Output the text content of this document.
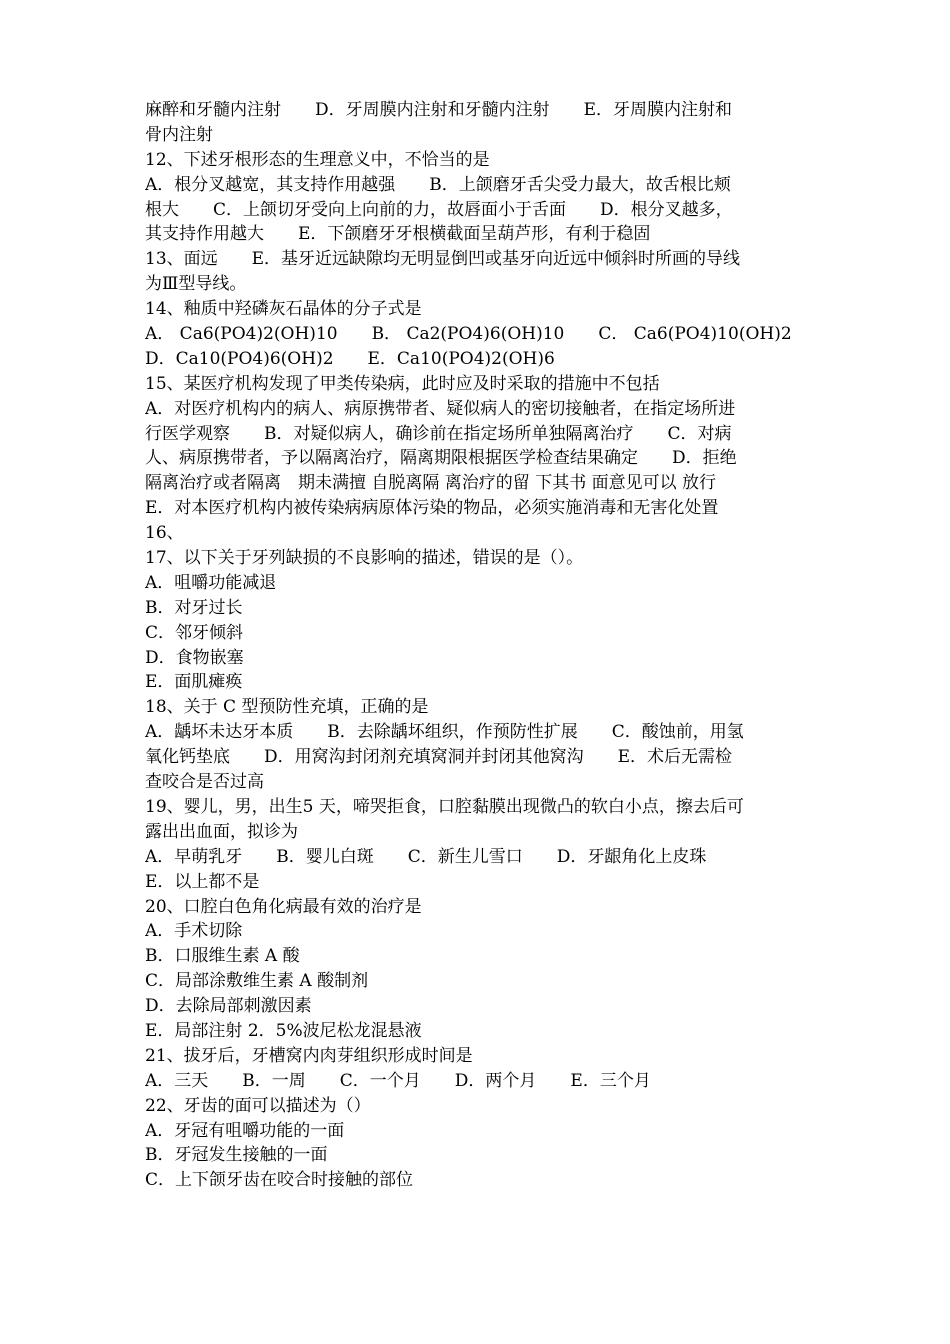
麻醉和牙髓内注射　　D．牙周膜内注射和牙髓内注射　　E．牙周膜内注射和
骨内注射
12、下述牙根形态的生理意义中，不恰当的是
A．根分叉越宽，其支持作用越强　　B．上颌磨牙舌尖受力最大，故舌根比颊
根大　　C．上颌切牙受向上向前的力，故唇面小于舌面　　D．根分叉越多，
其支持作用越大　　E．下颌磨牙牙根横截面呈葫芦形，有利于稳固
13、面远　　E．基牙近远缺隙均无明显倒凹或基牙向近远中倾斜时所画的导线
为Ⅲ型导线。
14、釉质中羟磷灰石晶体的分子式是
A． Ca6(PO4)2(OH)10　　B． Ca2(PO4)6(OH)10　　C． Ca6(PO4)10(OH)2
D．Ca10(PO4)6(OH)2　　E．Ca10(PO4)2(OH)6
15、某医疗机构发现了甲类传染病，此时应及时采取的措施中不包括
A．对医疗机构内的病人、病原携带者、疑似病人的密切接触者，在指定场所进
行医学观察　　B．对疑似病人，确诊前在指定场所单独隔离治疗　　C．对病
人、病原携带者，予以隔离治疗，隔离期限根据医学检查结果确定　　D．拒绝
隔离治疗或者隔离　期未满擅 自脱离隔 离治疗的留 下其书 面意见可以 放行
E．对本医疗机构内被传染病病原体污染的物品，必须实施消毒和无害化处置
16、
17、以下关于牙列缺损的不良影响的描述，错误的是（）。
A．咀嚼功能减退
B．对牙过长
C．邻牙倾斜
D．食物嵌塞
E．面肌瘫痪
18、关于 C 型预防性充填，正确的是
A．龋坏未达牙本质　　B．去除龋坏组织，作预防性扩展　　C．酸蚀前，用氢
氧化钙垫底　　D．用窝沟封闭剂充填窝洞并封闭其他窝沟　　E．术后无需检
查咬合是否过高
19、婴儿，男，出生5 天，啼哭拒食，口腔黏膜出现微凸的软白小点，擦去后可
露出出血面，拟诊为
A．早萌乳牙　　B．婴儿白斑　　C．新生儿雪口　　D．牙龈角化上皮珠
E．以上都不是
20、口腔白色角化病最有效的治疗是
A．手术切除
B．口服维生素 A 酸
C．局部涂敷维生素 A 酸制剂
D．去除局部刺激因素
E．局部注射 2．5%波尼松龙混悬液
21、拔牙后，牙槽窝内肉芽组织形成时间是
A．三天　　B．一周　　C．一个月　　D．两个月　　E．三个月
22、牙齿的面可以描述为（）
A．牙冠有咀嚼功能的一面
B．牙冠发生接触的一面
C．上下颌牙齿在咬合时接触的部位
